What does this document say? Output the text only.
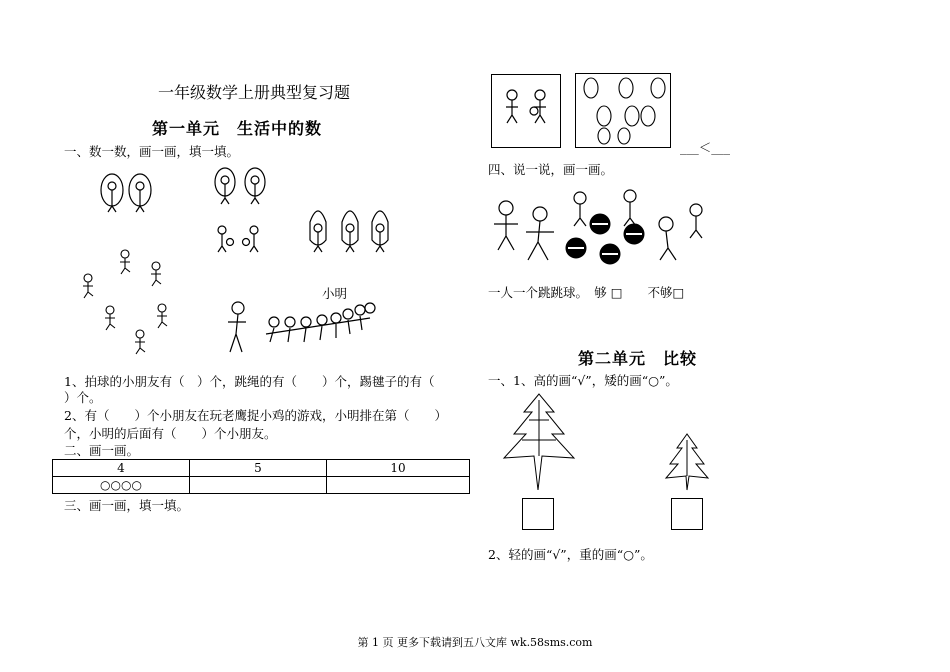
一年级数学上册典型复习题
第一单元　生活中的数
一、数一数，画一画，填一填。
小明
1、拍球的小朋友有（　）个，跳绳的有（　　）个，踢毽子的有（
）个。
2、有（　　）个小朋友在玩老鹰捉小鸡的游戏，小明排在第（　　）
个，小明的后面有（　　）个小朋友。
二、画一画。
4	5	10
○○○○		
三、画一画，填一填。
___＜___
四、说一说，画一画。
一人一个跳跳球。　够 □　　不够□
第二单元　比较
一、1、高的画“√”，矮的画“○”。
2、轻的画“√”，重的画“○”。
第 1 页 更多下载请到五八文库 wk.58sms.com
